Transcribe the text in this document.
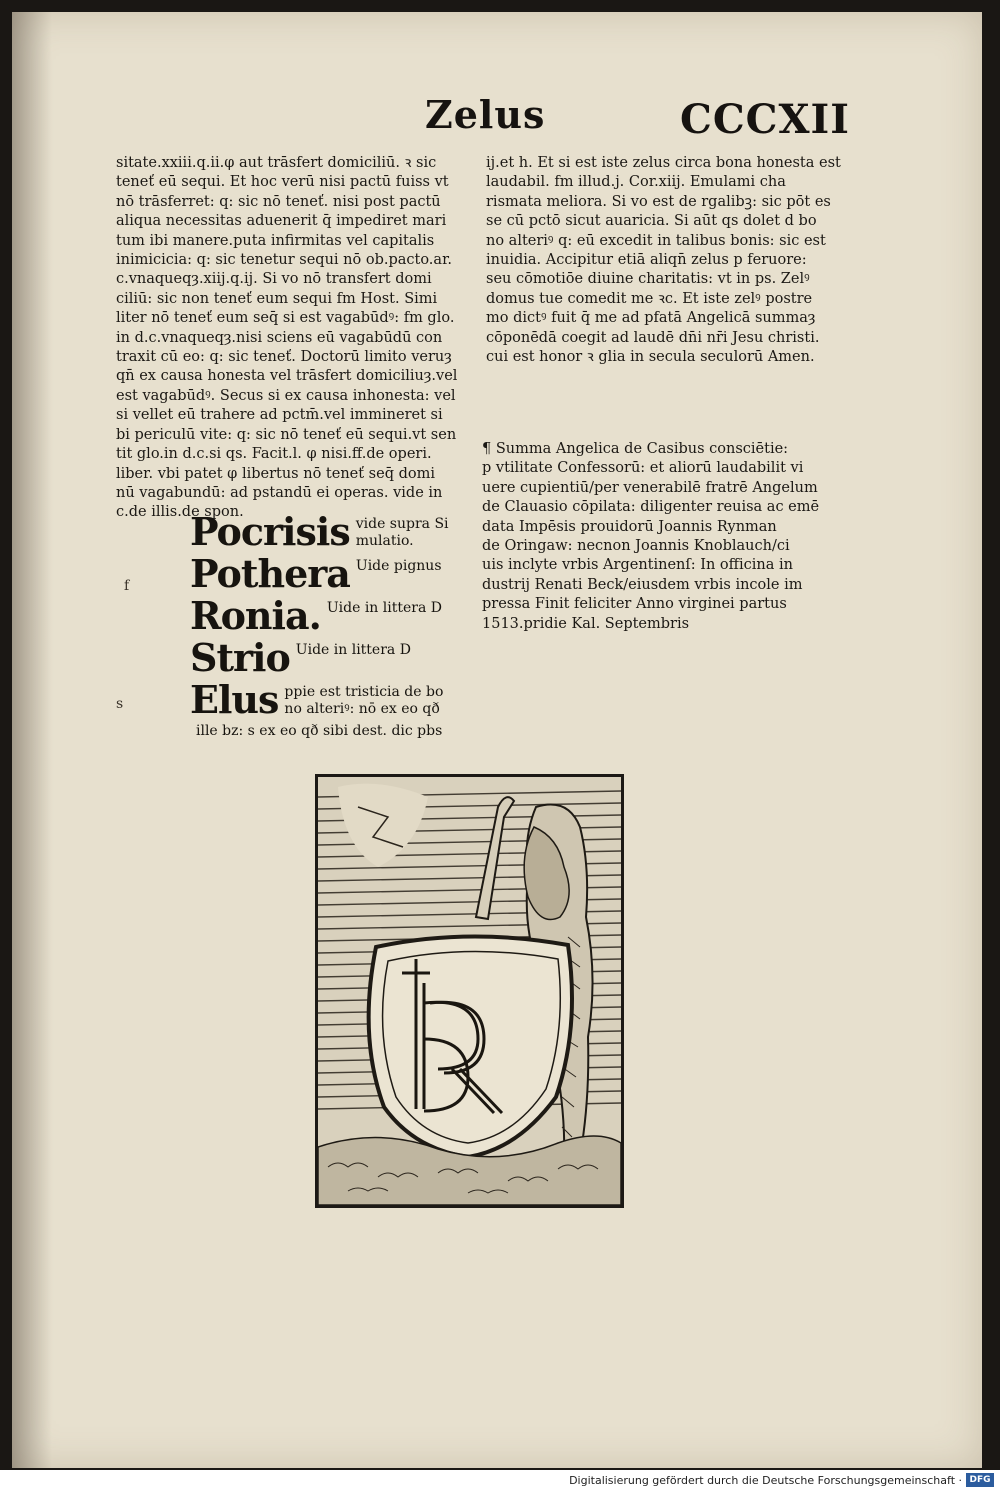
Zelus	CCCXII
sitate.xxiii.q.ii.φ aut trāsfert domiciliū. ꝛ sic
teneť eū sequi. Et hoc verū nisi pactū fuiss vt
nō trāsferret: q: sic nō teneť. nisi post pactū
aliqua necessitas aduenerit q̄ impediret mari
tum ibi manere.puta infirmitas vel capitalis
inimicicia: q: sic tenetur sequi nō ob.pacto.ar.
c.vnaqueqȝ.xiij.q.ij. Si vo nō transfert domi
ciliū: sic non teneť eum sequi fm Host. Simi
liter nō teneť eum seq̄ si est vagabūdꝰ: fm glo.
in d.c.vnaqueqȝ.nisi sciens eū vagabūdū con
traxit cū eo: q: sic teneť. Doctorū limito veruȝ
qn̄ ex causa honesta vel trāsfert domiciliuȝ.vel
est vagabūdꝰ. Secus si ex causa inhonesta: vel
si vellet eū trahere ad pctm̄.vel immineret si
bi periculū vite: q: sic nō teneť eū sequi.vt sen
tit glo.in d.c.si qs. Facit.l. φ nisi.ff.de operi.
liber. vbi patet φ libertus nō teneť seq̄ domi
nū vagabundū: ad pstandū ei operas. vide in
c.de illis.de spon.
ij.et h. Et si est iste zelus circa bona honesta est
laudabil. fm illud.j. Cor.xiij. Emulami cha
rismata meliora. Si vo est de rgalibꝫ: sic pōt es
se cū pctō sicut auaricia. Si aūt qs dolet d bo
no alteriꝰ q: eū excedit in talibus bonis: sic est
inuidia. Accipitur etiā aliqn̄ zelus p feruore:
seu cōmotiōe diuine charitatis: vt in ps. Zelꝰ
domus tue comedit me ꝛc. Et iste zelꝰ postre
mo dictꝰ fuit q̄ me ad pfatā Angelicā summaȝ
cōponēdā coegit ad laudē dn̄i nr̄i Jesu christi.
cui est honor ꝛ glia in secula seculorū Amen.
¶ Summa Angelica de Casibus consciētie:
p vtilitate Confessorū: et aliorū laudabilit vi
uere cupientiū/per venerabilē fratrē Angelum
de Clauasio cōpilata: diligenter reuisa ac emē
data Impēsis prouidorū Joannis Rynman
de Oringaw: necnon Joannis Knoblauch/ci
uis inclyte vrbis Argentinenſ: In officina in
dustrij Renati Beck/eiusdem vrbis incole im
pressa Finit feliciter Anno virginei partus
1513.pridie Kal. Septembris
Pocrisis vide supra Si
mulatio.
Pothera Uide pignus
Ronia. Uide in littera D
Strio Uide in littera D
Elus ppie est tristicia de bo
no alteriꝰ: nō ex eo qð
ille bz: s ex eo qð sibi dest. dic pbs
f
s
Digitalisierung gefördert durch die Deutsche Forschungsgemeinschaft · DFG
